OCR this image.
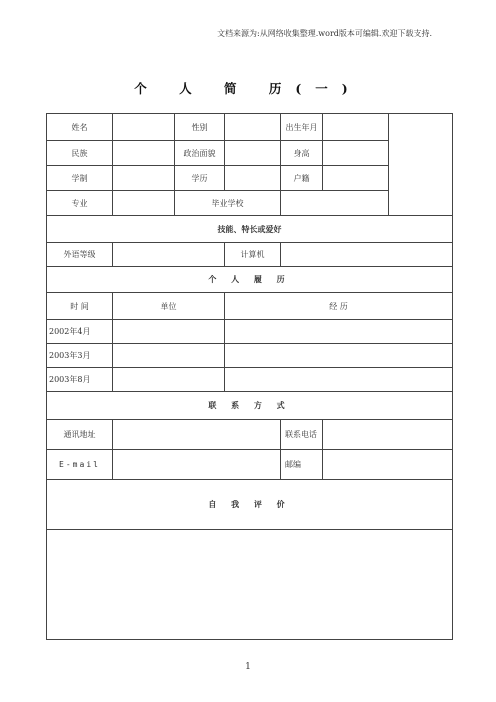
文档来源为:从网络收集整理.word版本可编辑.欢迎下载支持.
个 人 简 历(一)
姓名		性别		出生年月		
民族		政治面貌		身高		
学制		学历		户籍		
专业		毕业学校				
技能、特长或爱好						
外语等级			计算机			
个 人 履 历						
时 间	单位		经 历			
2002年4月						
2003年3月						
2003年8月						
联 系 方 式						
通讯地址				联系电话		
E-mail				邮编		
自 我 评 价						

1
